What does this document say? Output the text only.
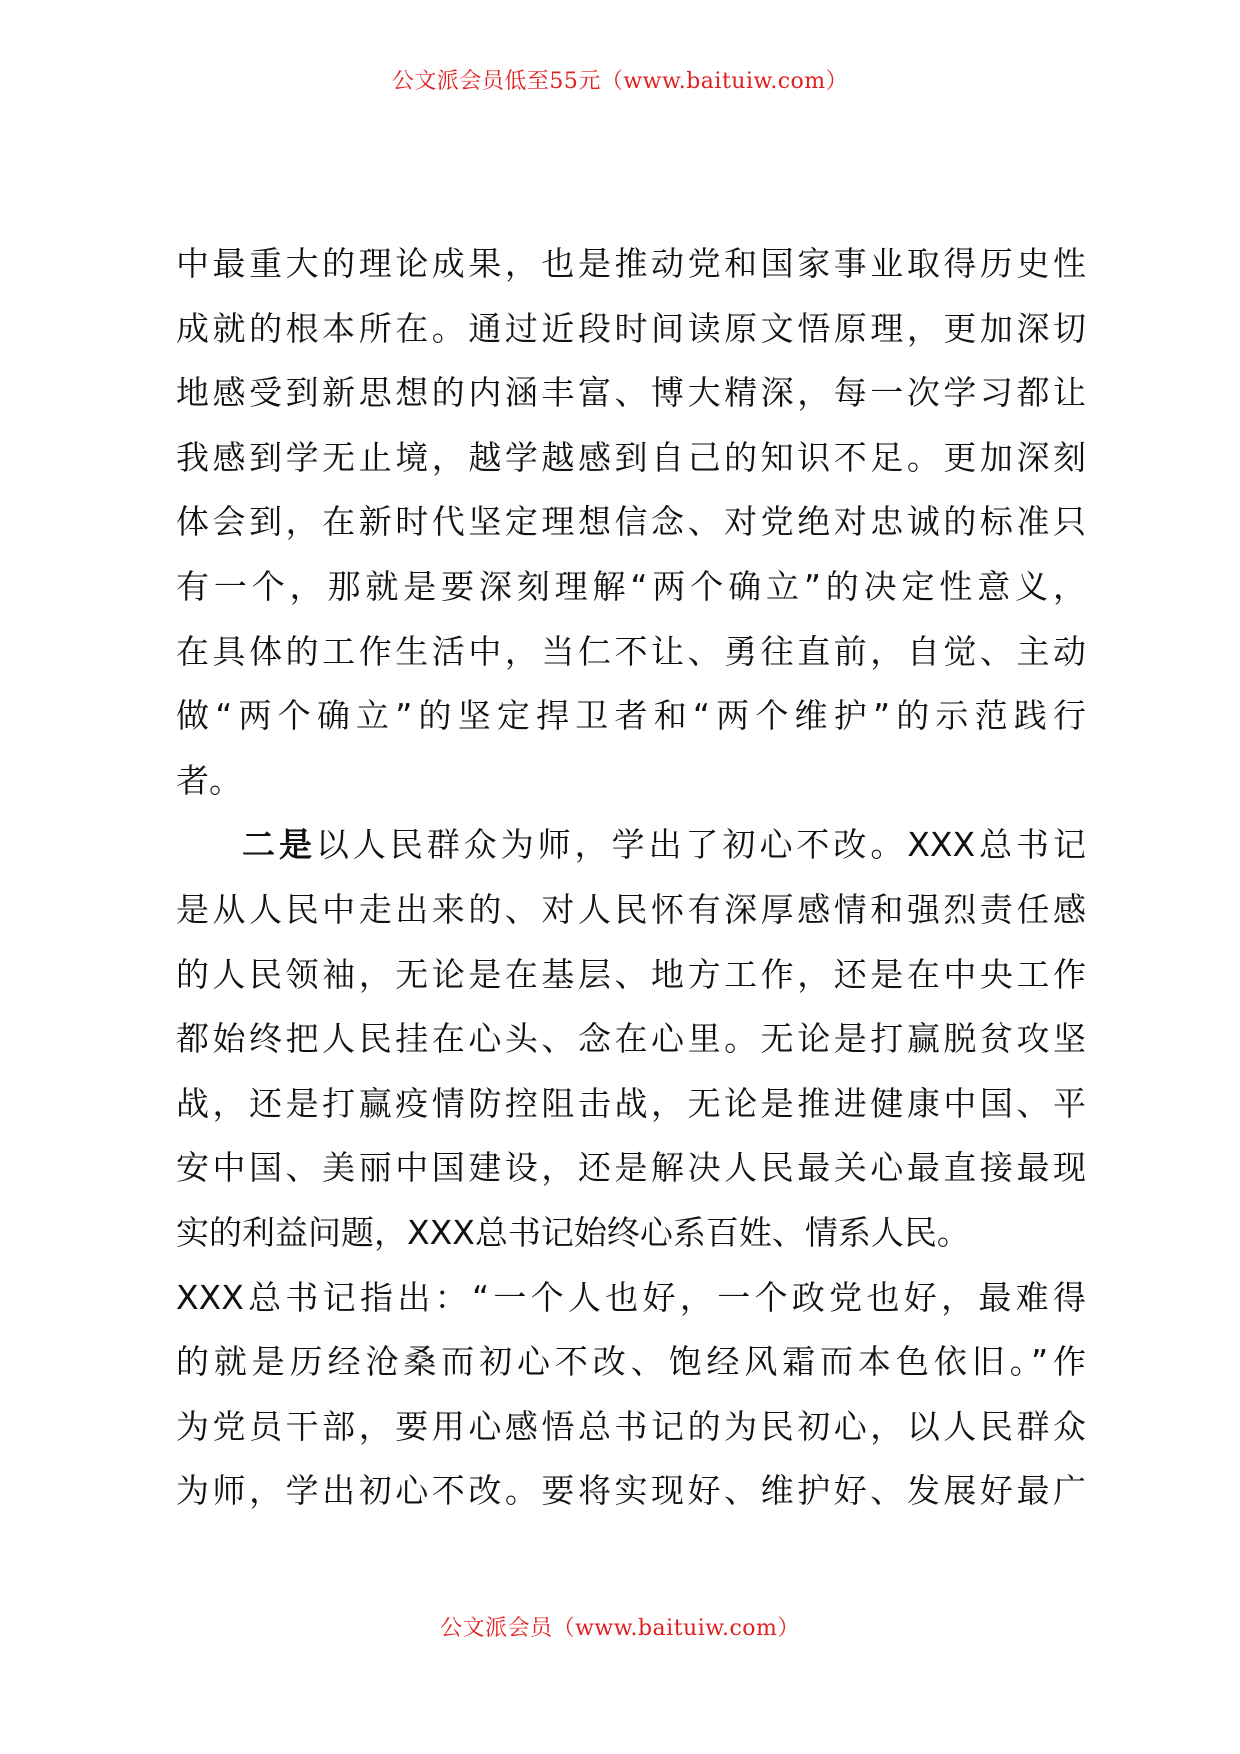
公文派会员低至55元（www.baituiw.com）
中最重大的理论成果，也是推动党和国家事业取得历史性
成就的根本所在。通过近段时间读原文悟原理，更加深切
地感受到新思想的内涵丰富、博大精深，每一次学习都让
我感到学无止境，越学越感到自己的知识不足。更加深刻
体会到，在新时代坚定理想信念、对党绝对忠诚的标准只
有一个，那就是要深刻理解“两个确立”的决定性意义，
在具体的工作生活中，当仁不让、勇往直前，自觉、主动
做“两个确立”的坚定捍卫者和“两个维护”的示范践行
者。
二是以人民群众为师，学出了初心不改。XXX总书记
是从人民中走出来的、对人民怀有深厚感情和强烈责任感
的人民领袖，无论是在基层、地方工作，还是在中央工作
都始终把人民挂在心头、念在心里。无论是打赢脱贫攻坚
战，还是打赢疫情防控阻击战，无论是推进健康中国、平
安中国、美丽中国建设，还是解决人民最关心最直接最现
实的利益问题，XXX总书记始终心系百姓、情系人民。
XXX总书记指出：“一个人也好，一个政党也好，最难得
的就是历经沧桑而初心不改、饱经风霜而本色依旧。”作
为党员干部，要用心感悟总书记的为民初心，以人民群众
为师，学出初心不改。要将实现好、维护好、发展好最广
公文派会员（www.baituiw.com）
